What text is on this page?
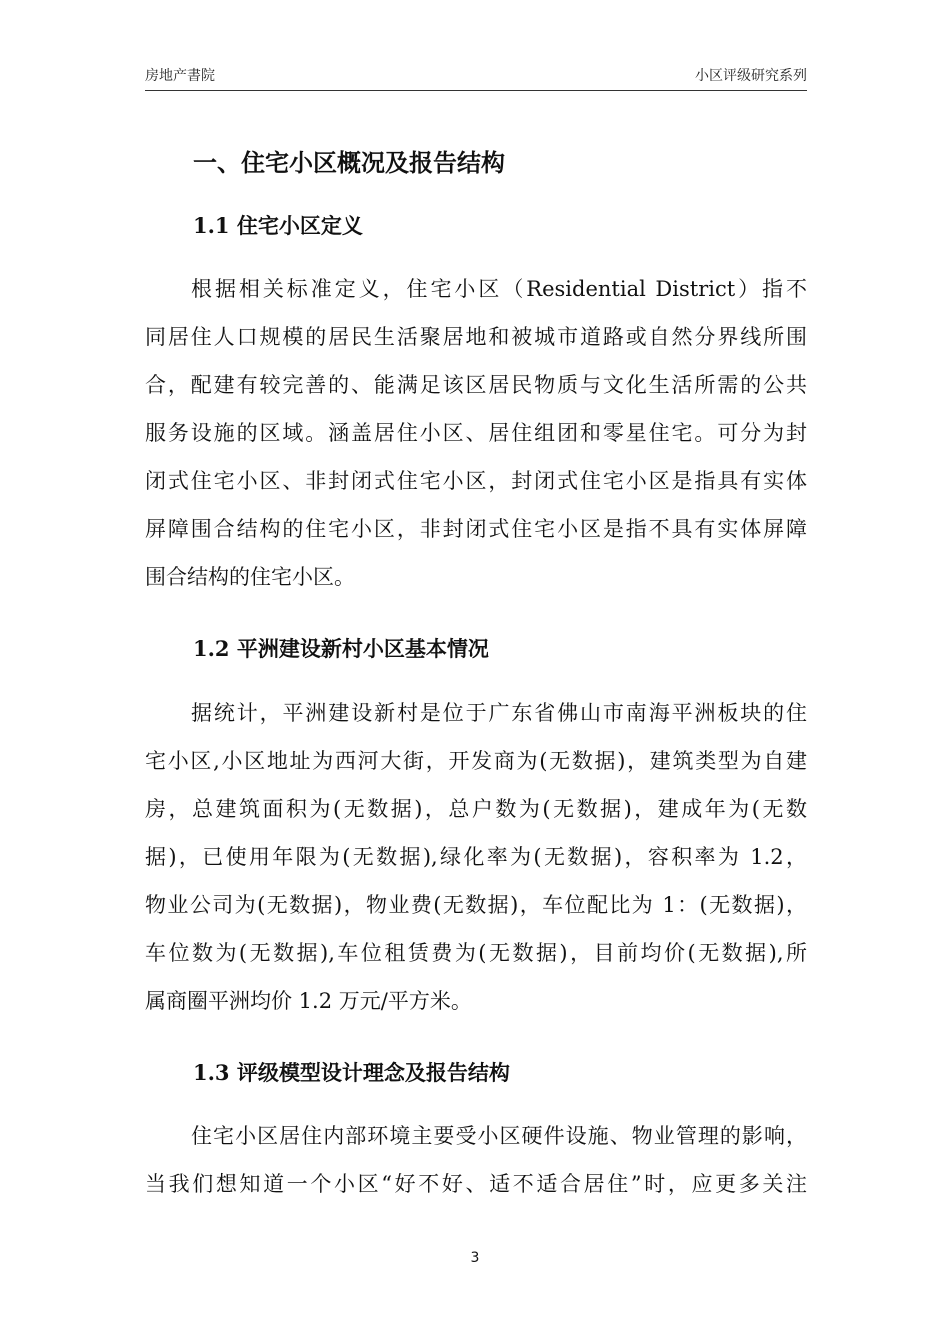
房地产書院	小区评级研究系列
一、住宅小区概况及报告结构
1.1 住宅小区定义
根据相关标准定义，住宅小区（Residential District）指不
同居住人口规模的居民生活聚居地和被城市道路或自然分界线所围
合，配建有较完善的、能满足该区居民物质与文化生活所需的公共
服务设施的区域。涵盖居住小区、居住组团和零星住宅。可分为封
闭式住宅小区、非封闭式住宅小区，封闭式住宅小区是指具有实体
屏障围合结构的住宅小区，非封闭式住宅小区是指不具有实体屏障
围合结构的住宅小区。
1.2 平洲建设新村小区基本情况
据统计，平洲建设新村是位于广东省佛山市南海平洲板块的住
宅小区,小区地址为西河大街，开发商为(无数据)，建筑类型为自建
房，总建筑面积为(无数据)，总户数为(无数据)，建成年为(无数
据)，已使用年限为(无数据),绿化率为(无数据)，容积率为 1.2，
物业公司为(无数据)，物业费(无数据)，车位配比为 1：(无数据)，
车位数为(无数据),车位租赁费为(无数据)，目前均价(无数据),所
属商圈平洲均价 1.2 万元/平方米。
1.3 评级模型设计理念及报告结构
住宅小区居住内部环境主要受小区硬件设施、物业管理的影响，
当我们想知道一个小区“好不好、适不适合居住”时，应更多关注
3
